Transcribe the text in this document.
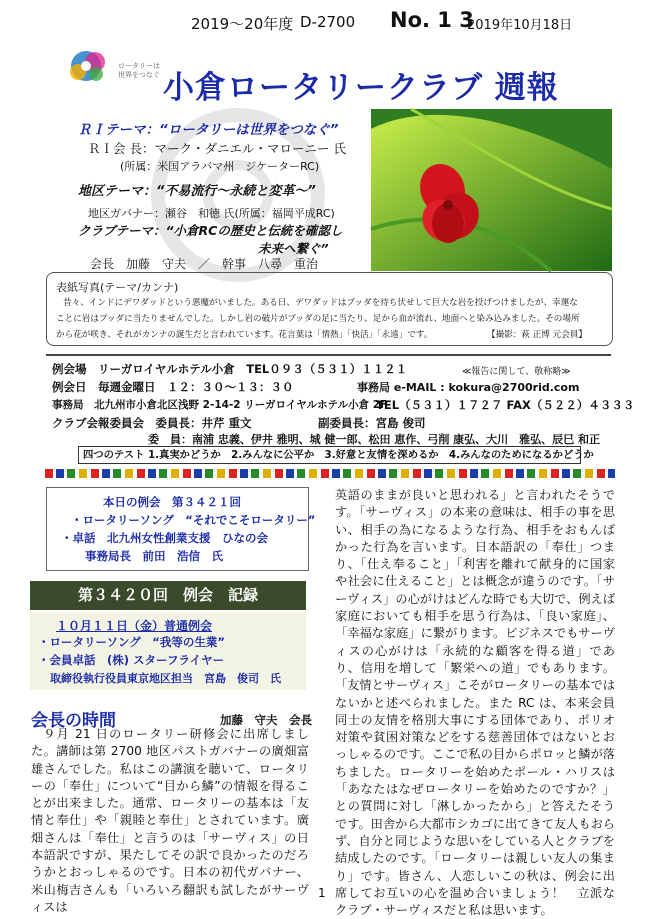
2019～20年度 D-2700 No. 1 3
2019年10月18日
ロータリーは
世界をつなぐ 小倉ロータリークラブ 週報
ＲＩテーマ：“ロータリーは世界をつなぐ”
ＲＩ会 長：マーク・ダニエル・マローニー 氏
(所属：米国アラバマ州　ジケーターRC)
地区テーマ：“不易流行～永続と変革～”
地区ガバナー：瀬谷　和徳 氏(所属：福岡平成RC)
クラブテーマ：“小倉RCの歴史と伝統を確認し
未来へ繋ぐ”
会長　加藤　守夫　／　幹事　八尋　重治
表紙写真(テーマ/カンナ)
昔々、インドにデワダッドという悪魔がいました。ある日、デワダッドはブッダを待ち伏せして巨大な岩を投げつけましたが、幸運な
ことに岩はブッダに当たりませんでした。しかし岩の破片がブッダの足に当たり、足から血が流れ、地面へと染み込みました。その場所
から花が咲き、それがカンナの誕生だと言われています。花言葉は「情熱」「快活」「永遠」です。	【撮影：萩 正博 元会員】
例会場　リーガロイヤルホテル小倉　TEL０９３（５３１）１１２１	≪報告に関して、敬称略≫
例会日　毎週金曜日　１２：３０～１３：３０	事務局 e-MAIL : kokura@2700rid.com
事務局　北九州市小倉北区浅野 2-14-2 リーガロイヤルホテル小倉 2F
TEL（５３１）１７２７ FAX（５２２）４３３３
クラブ会報委員会　委員長：井芹 重文	副委員長：宮島 俊司
委　員：南浦 忠義、伊井 雅明、城 健一郎、松田 恵作、弓削 康弘、大川　雅弘、辰巳 和正
四つのテスト 1.真実かどうか　2.みんなに公平か　3.好意と友情を深めるか　4.みんなのためになるかどうか
本日の例会　第３４２１回
・ロータリーソング　“それでこそロータリー”
・卓話　北九州女性創業支援　ひなの会
事務局長　前田　浩信　氏
第３４２０回　例会　記録
１０月１１日（金）普通例会
・ロータリーソング　“我等の生業”
・会員卓話　(株) スターフライヤー
取締役執行役員東京地区担当　宮島　俊司　氏
会長の時間	加藤　守夫　会長

９月 21 日のロータリー研修会に出席しました。講師は第 2700 地区パストガバナーの廣畑富雄さんでした。私はこの講演を聴いて、ロータリーの「奉仕」について“目から鱗”の情報を得ることが出来ました。通常、ロータリーの基本は「友情と奉仕」や「親睦と奉仕」とされています。廣畑さんは「奉仕」と言うのは「サーヴィス」の日本語訳ですが、果たしてその訳で良かったのだろうかとおっしゃるのです。日本の初代ガバナー、米山梅吉さんも「いろいろ翻訳も試したがサーヴィスは

英語のままが良いと思われる」と言われたそうです。「サーヴィス」の本来の意味は、相手の事を思い、相手の為になるような行為、相手をおもんばかった行為を言います。日本語訳の「奉仕」つまり、「仕え奉ること」「利害を離れて献身的に国家や社会に仕えること」とは概念が違うのです。「サーヴィス」の心がけはどんな時でも大切で、例えば家庭においても相手を思う行為は、「良い家庭」、「幸福な家庭」に繋がります。ビジネスでもサーヴィスの心がけは「永続的な顧客を得る道」であり、信用を増して「繁栄への道」でもあります。「友情とサーヴィス」こそがロータリーの基本ではないかと述べられました。また RC は、本来会員同士の友情を格別大事にする団体であり、ポリオ対策や貧困対策などをする慈善団体ではないとおっしゃるのです。ここで私の目からポロッと鱗が落ちました。ロータリーを始めたポール・ハリスは「あなたはなぜロータリーを始めたのですか？」との質問に対し「淋しかったから」と答えたそうです。田舎から大都市シカゴに出てきて友人もおらず、自分と同じような思いをしている人とクラブを結成したのです。「ロータリーは親しい友人の集まり」です。皆さん、人恋しいこの秋は、例会に出席してお互いの心を温め合いましょう！　立派なクラブ・サーヴィスだと私は思います。

1
